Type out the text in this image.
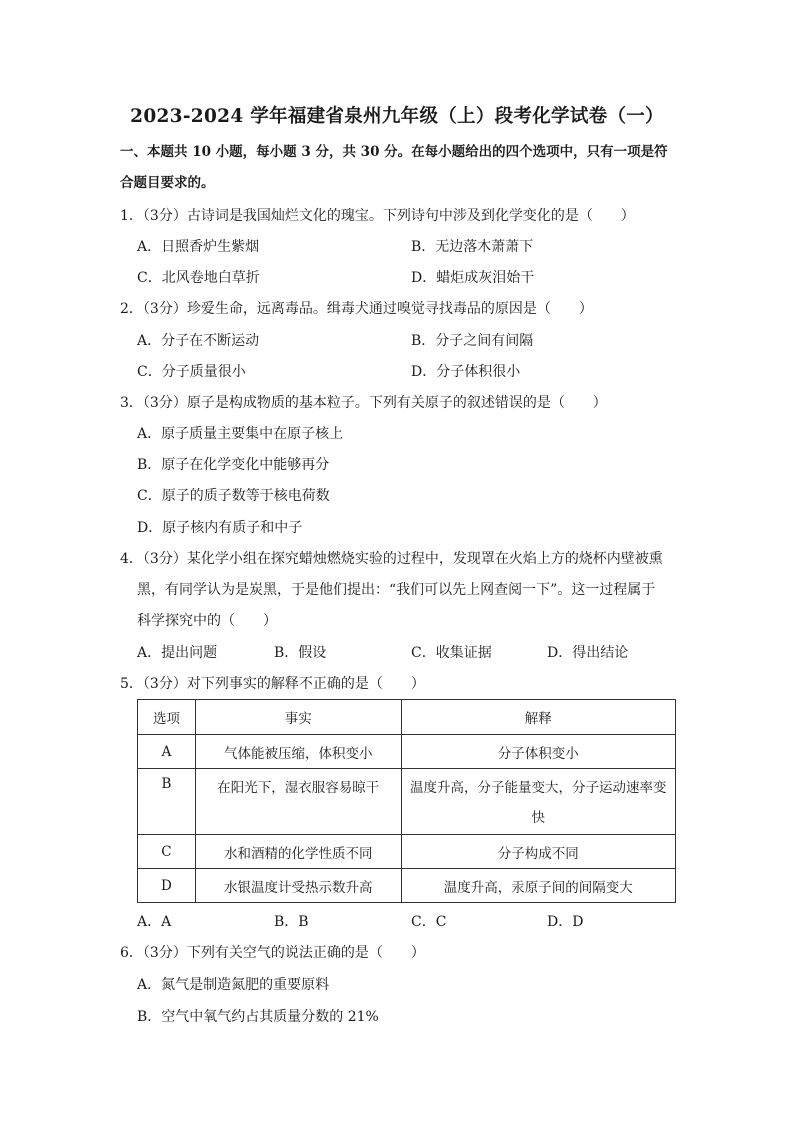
2023-2024 学年福建省泉州九年级（上）段考化学试卷（一）
一、本题共 10 小题，每小题 3 分，共 30 分。在每小题给出的四个选项中，只有一项是符
合题目要求的。
1．（3分）古诗词是我国灿烂文化的瑰宝。下列诗句中涉及到化学变化的是（　　）
A．日照香炉生紫烟	B．无边落木萧萧下
C．北风卷地白草折	D．蜡炬成灰泪始干
2．（3分）珍爱生命，远离毒品。缉毒犬通过嗅觉寻找毒品的原因是（　　）
A．分子在不断运动	B．分子之间有间隔
C．分子质量很小	D．分子体积很小
3．（3分）原子是构成物质的基本粒子。下列有关原子的叙述错误的是（　　）
A．原子质量主要集中在原子核上
B．原子在化学变化中能够再分
C．原子的质子数等于核电荷数
D．原子核内有质子和中子
4．（3分）某化学小组在探究蜡烛燃烧实验的过程中，发现罩在火焰上方的烧杯内壁被熏
黑，有同学认为是炭黑，于是他们提出：“我们可以先上网查阅一下”。这一过程属于
科学探究中的（　　）
A．提出问题	B．假设	C．收集证据	D．得出结论
5．（3分）对下列事实的解释不正确的是（　　）
选项	事实	解释
A	气体能被压缩，体积变小	分子体积变小
B	在阳光下，湿衣服容易晾干	温度升高，分子能量变大，分子运动速率变
快

C	水和酒精的化学性质不同	分子构成不同
D	水银温度计受热示数升高	温度升高，汞原子间的间隔变大
A．A	B．B	C．C	D．D
6．（3分）下列有关空气的说法正确的是（　　）
A．氮气是制造氮肥的重要原料
B．空气中氧气约占其质量分数的 21%
